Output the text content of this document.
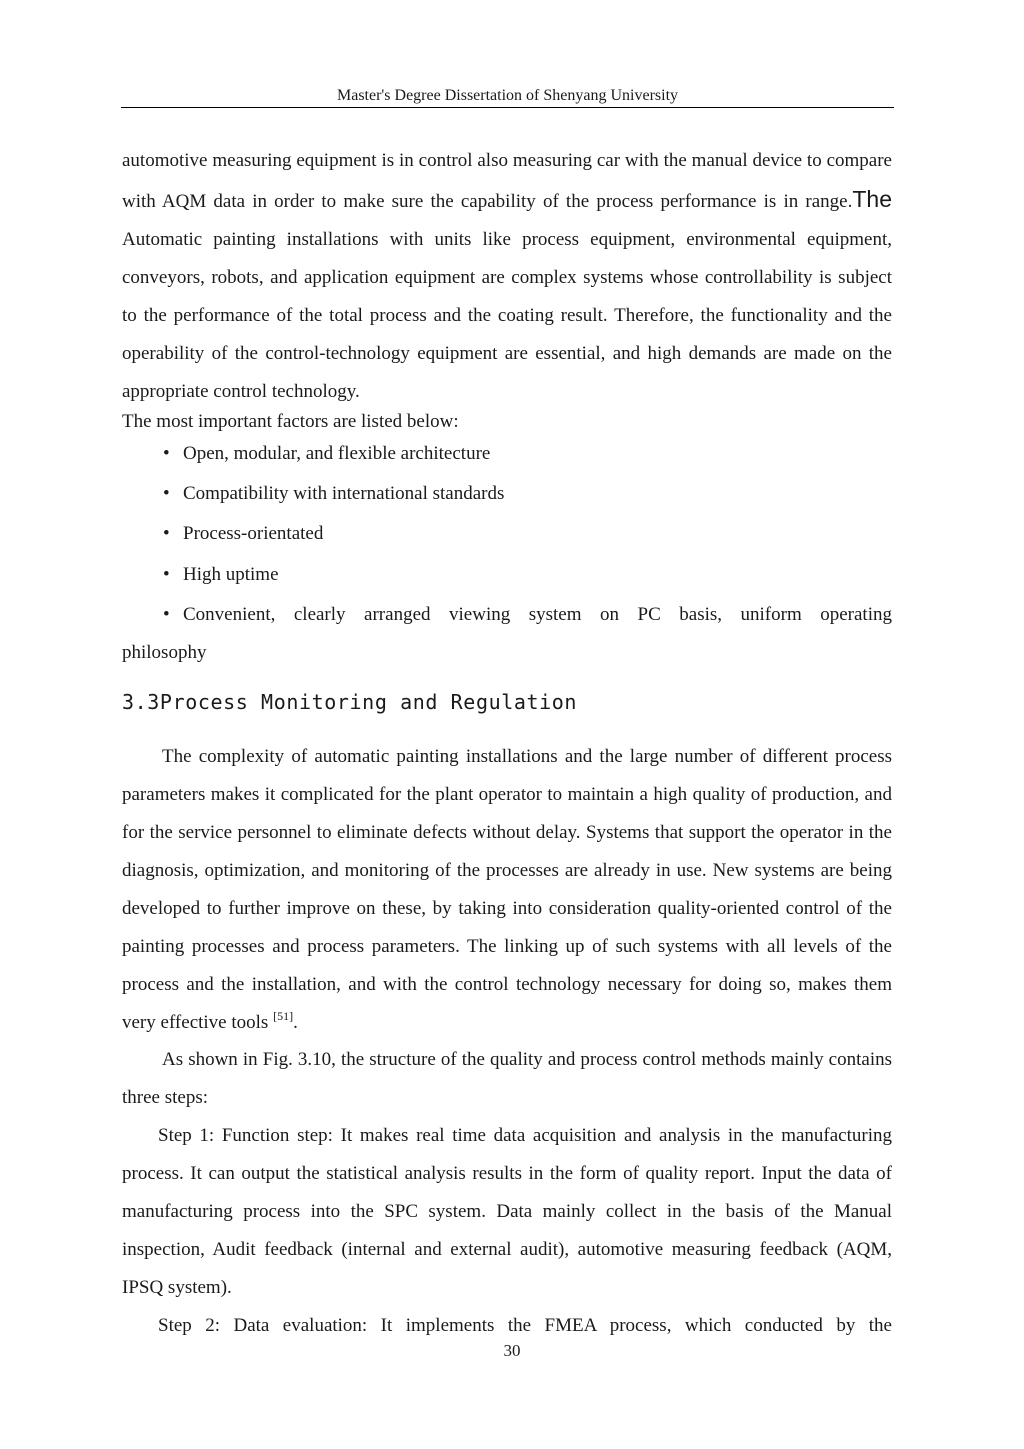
Master's Degree Dissertation of Shenyang University

automotive measuring equipment is in control also measuring car with the manual device to compare with AQM data in order to make sure the capability of the process performance is in range.The Automatic painting installations with units like process equipment, environmental equipment, conveyors, robots, and application equipment are complex systems whose controllability is subject to the performance of the total process and the coating result. Therefore, the functionality and the operability of the control-technology equipment are essential, and high demands are made on the appropriate control technology.

The most important factors are listed below:

• Open, modular, and flexible architecture
• Compatibility with international standards
• Process-orientated
• High uptime
• Convenient, clearly arranged viewing system on PC basis, uniform operating
philosophy
3.3Process Monitoring and Regulation

The complexity of automatic painting installations and the large number of different process parameters makes it complicated for the plant operator to maintain a high quality of production, and for the service personnel to eliminate defects without delay. Systems that support the operator in the diagnosis, optimization, and monitoring of the processes are already in use. New systems are being developed to further improve on these, by taking into consideration quality-oriented control of the painting processes and process parameters. The linking up of such systems with all levels of the process and the installation, and with the control technology necessary for doing so, makes them very effective tools [51].

As shown in Fig. 3.10, the structure of the quality and process control methods mainly contains three steps:

Step 1: Function step: It makes real time data acquisition and analysis in the manufacturing process. It can output the statistical analysis results in the form of quality report. Input the data of manufacturing process into the SPC system. Data mainly collect in the basis of the Manual inspection, Audit feedback (internal and external audit), automotive measuring feedback (AQM, IPSQ system).

Step 2: Data evaluation: It implements the FMEA process, which conducted by the

30
